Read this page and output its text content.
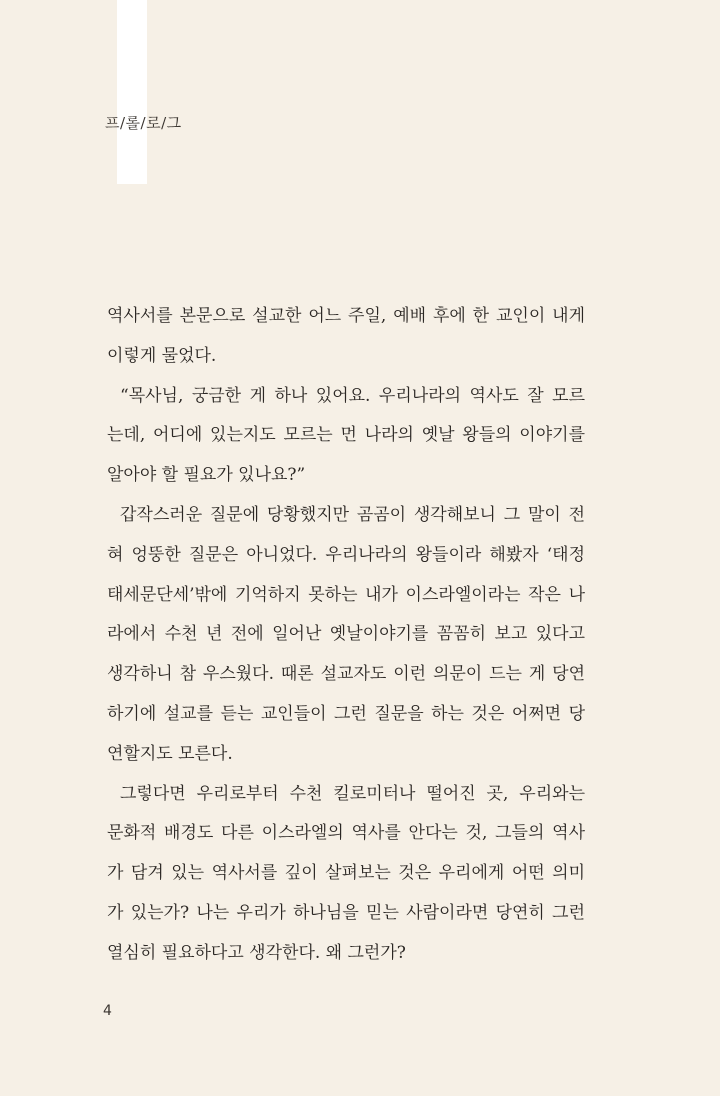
프/롤/로/그
역사서를 본문으로 설교한 어느 주일, 예배 후에 한 교인이 내게
이렇게 물었다.
“목사님, 궁금한 게 하나 있어요. 우리나라의 역사도 잘 모르
는데, 어디에 있는지도 모르는 먼 나라의 옛날 왕들의 이야기를
알아야 할 필요가 있나요?”
갑작스러운 질문에 당황했지만 곰곰이 생각해보니 그 말이 전
혀 엉뚱한 질문은 아니었다. 우리나라의 왕들이라 해봤자 ‘태정
태세문단세’밖에 기억하지 못하는 내가 이스라엘이라는 작은 나
라에서 수천 년 전에 일어난 옛날이야기를 꼼꼼히 보고 있다고
생각하니 참 우스웠다. 때론 설교자도 이런 의문이 드는 게 당연
하기에 설교를 듣는 교인들이 그런 질문을 하는 것은 어쩌면 당
연할지도 모른다.
그렇다면 우리로부터 수천 킬로미터나 떨어진 곳, 우리와는
문화적 배경도 다른 이스라엘의 역사를 안다는 것, 그들의 역사
가 담겨 있는 역사서를 깊이 살펴보는 것은 우리에게 어떤 의미
가 있는가? 나는 우리가 하나님을 믿는 사람이라면 당연히 그런
열심히 필요하다고 생각한다. 왜 그런가?
4
